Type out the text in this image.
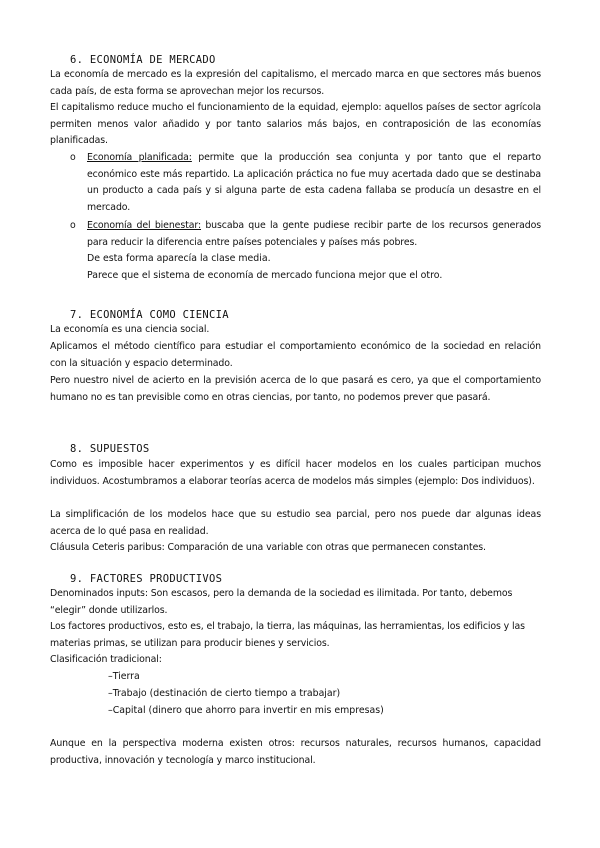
6. ECONOMÍA DE MERCADO
La economía de mercado es la expresión del capitalismo, el mercado marca en que sectores más buenos cada país, de esta forma se aprovechan mejor los recursos.
El capitalismo reduce mucho el funcionamiento de la equidad, ejemplo: aquellos países de sector agrícola permiten menos valor añadido y por tanto salarios más bajos, en contraposición de las economías planificadas.
o Economía planificada: permite que la producción sea conjunta y por tanto que el reparto económico este más repartido. La aplicación práctica no fue muy acertada dado que se destinaba un producto a cada país y si alguna parte de esta cadena fallaba se producía un desastre en el mercado.
o Economía del bienestar: buscaba que la gente pudiese recibir parte de los recursos generados para reducir la diferencia entre países potenciales y países más pobres.
De esta forma aparecía la clase media.
Parece que el sistema de economía de mercado funciona mejor que el otro.
7. ECONOMÍA COMO CIENCIA
La economía es una ciencia social.
Aplicamos el método científico para estudiar el comportamiento económico de la sociedad en relación con la situación y espacio determinado.
Pero nuestro nivel de acierto en la previsión acerca de lo que pasará es cero, ya que el comportamiento humano no es tan previsible como en otras ciencias, por tanto, no podemos prever que pasará.
8. SUPUESTOS
Como es imposible hacer experimentos y es difícil hacer modelos en los cuales participan muchos individuos. Acostumbramos a elaborar teorías acerca de modelos más simples (ejemplo: Dos individuos).
La simplificación de los modelos hace que su estudio sea parcial, pero nos puede dar algunas ideas acerca de lo qué pasa en realidad.
Cláusula Ceteris paribus: Comparación de una variable con otras que permanecen constantes.
9. FACTORES PRODUCTIVOS
Denominados inputs: Son escasos, pero la demanda de la sociedad es ilimitada. Por tanto, debemos “elegir” donde utilizarlos.
Los factores productivos, esto es, el trabajo, la tierra, las máquinas, las herramientas, los edificios y las materias primas, se utilizan para producir bienes y servicios.
Clasificación tradicional:
–Tierra
–Trabajo (destinación de cierto tiempo a trabajar)
–Capital (dinero que ahorro para invertir en mis empresas)
Aunque en la perspectiva moderna existen otros: recursos naturales, recursos humanos, capacidad productiva, innovación y tecnología y marco institucional.
